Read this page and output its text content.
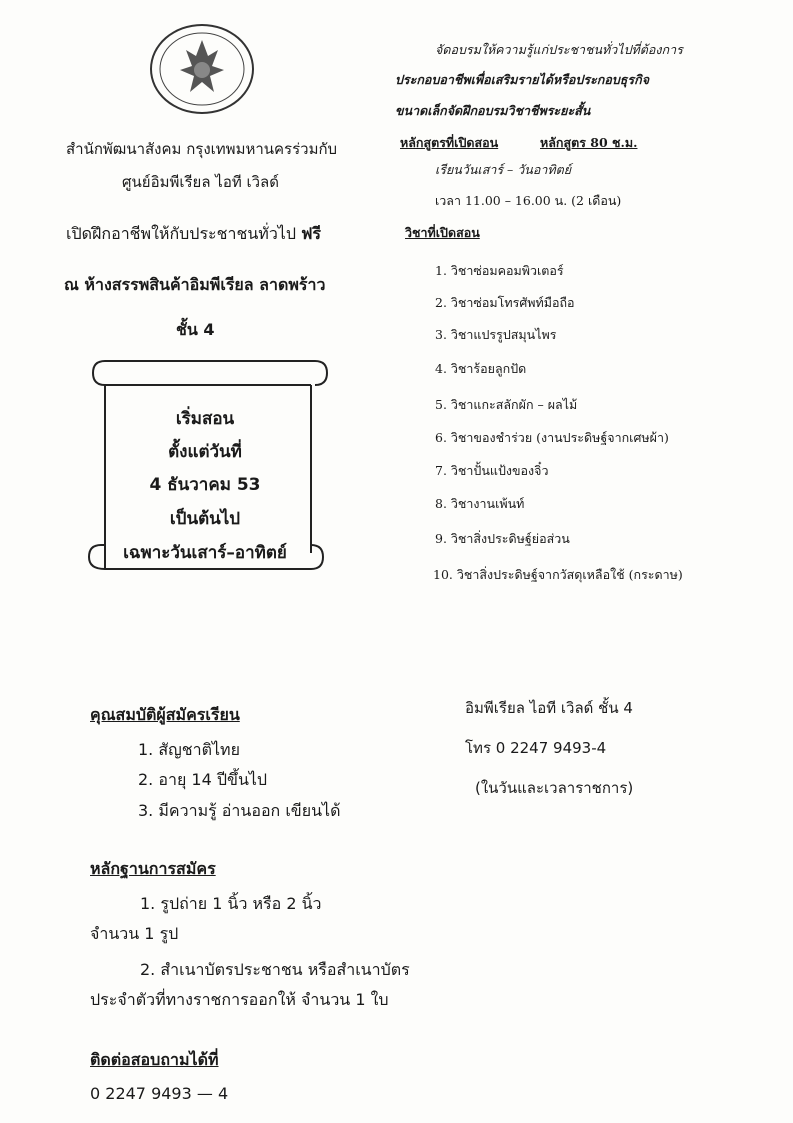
สำนักพัฒนาสังคม กรุงเทพมหานครร่วมกับ
ศูนย์อิมพีเรียล ไอที เวิลด์
เปิดฝึกอาชีพให้กับประชาชนทั่วไป ฟรี
ณ ห้างสรรพสินค้าอิมพีเรียล ลาดพร้าว
ชั้น 4
เริ่มสอน
ตั้งแต่วันที่
4 ธันวาคม 53
เป็นต้นไป
เฉพาะวันเสาร์–อาทิตย์
จัดอบรมให้ความรู้แก่ประชาชนทั่วไปที่ต้องการ
ประกอบอาชีพเพื่อเสริมรายได้หรือประกอบธุรกิจ
ขนาดเล็กจัดฝึกอบรมวิชาชีพระยะสั้น
หลักสูตรที่เปิดสอน	หลักสูตร 80 ช.ม.
เรียนวันเสาร์ – วันอาทิตย์
เวลา 11.00 – 16.00 น. (2 เดือน)
วิชาที่เปิดสอน
1. วิชาซ่อมคอมพิวเตอร์
2. วิชาซ่อมโทรศัพท์มือถือ
3. วิชาแปรรูปสมุนไพร
4. วิชาร้อยลูกปัด
5. วิชาแกะสลักผัก – ผลไม้
6. วิชาของชำร่วย (งานประดิษฐ์จากเศษผ้า)
7. วิชาปั้นแป้งของจิ๋ว
8. วิชางานเพ้นท์
9. วิชาสิ่งประดิษฐ์ย่อส่วน
10. วิชาสิ่งประดิษฐ์จากวัสดุเหลือใช้ (กระดาษ)
คุณสมบัติผู้สมัครเรียน
1. สัญชาติไทย
2. อายุ 14 ปีขึ้นไป
3. มีความรู้ อ่านออก เขียนได้
หลักฐานการสมัคร
1. รูปถ่าย 1 นิ้ว หรือ 2 นิ้ว
จำนวน 1 รูป
2. สำเนาบัตรประชาชน หรือสำเนาบัตร
ประจำตัวที่ทางราชการออกให้ จำนวน 1 ใบ
ติดต่อสอบถามได้ที่
0 2247 9493 — 4
อิมพีเรียล ไอที เวิลด์ ชั้น 4
โทร 0 2247 9493-4
(ในวันและเวลาราชการ)
